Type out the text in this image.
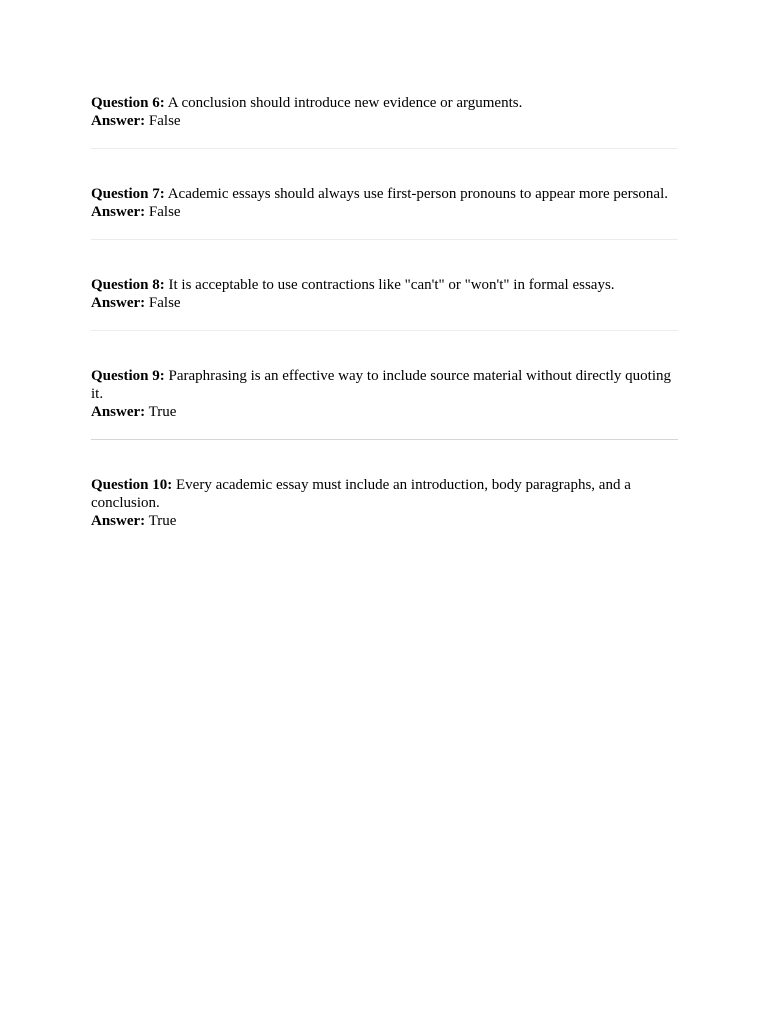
Question 6: A conclusion should introduce new evidence or arguments.

Answer: False

Question 7: Academic essays should always use first-person pronouns to appear more personal.

Answer: False

Question 8: It is acceptable to use contractions like "can't" or "won't" in formal essays.

Answer: False

Question 9: Paraphrasing is an effective way to include source material without directly quoting it.

Answer: True

Question 10: Every academic essay must include an introduction, body paragraphs, and a conclusion.

Answer: True
